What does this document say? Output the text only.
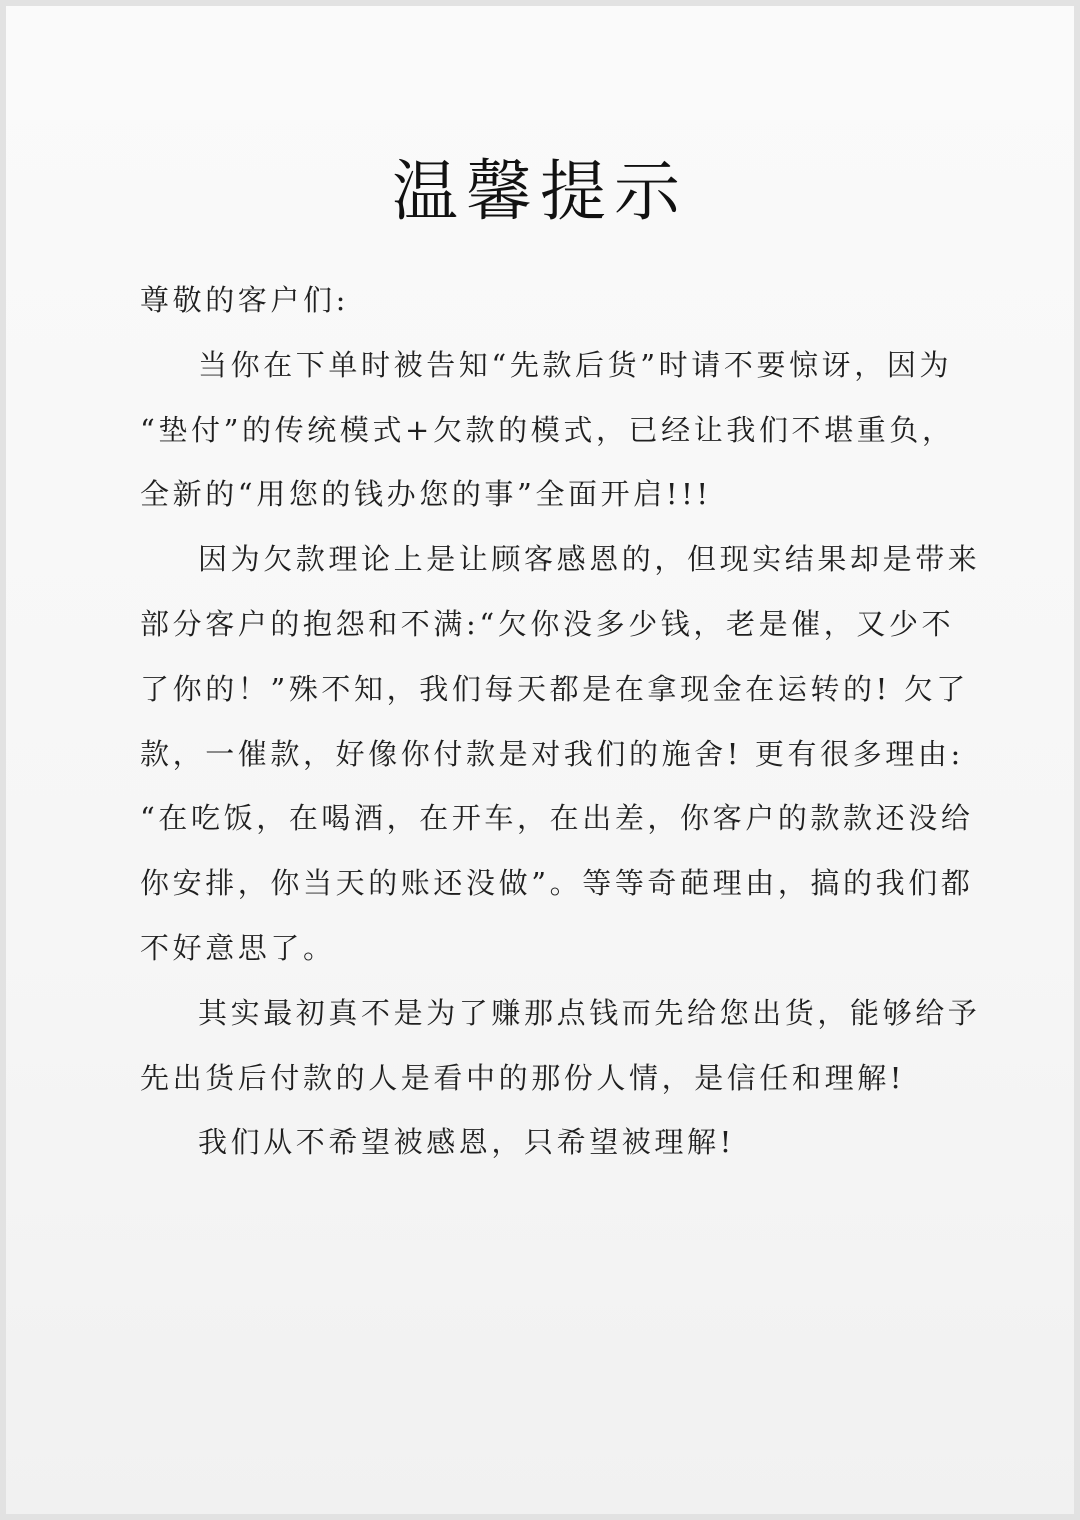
温馨提示
尊敬的客户们:
当你在下单时被告知“先款后货”时请不要惊讶，因为
“垫付”的传统模式+欠款的模式，已经让我们不堪重负，
全新的“用您的钱办您的事”全面开启!!!
因为欠款理论上是让顾客感恩的，但现实结果却是带来
部分客户的抱怨和不满:“欠你没多少钱，老是催，又少不
了你的！”殊不知，我们每天都是在拿现金在运转的! 欠了
款，一催款，好像你付款是对我们的施舍! 更有很多理由:
“在吃饭，在喝酒，在开车，在出差，你客户的款款还没给
你安排，你当天的账还没做”。等等奇葩理由，搞的我们都
不好意思了。
其实最初真不是为了赚那点钱而先给您出货，能够给予
先出货后付款的人是看中的那份人情，是信任和理解!
我们从不希望被感恩，只希望被理解!
